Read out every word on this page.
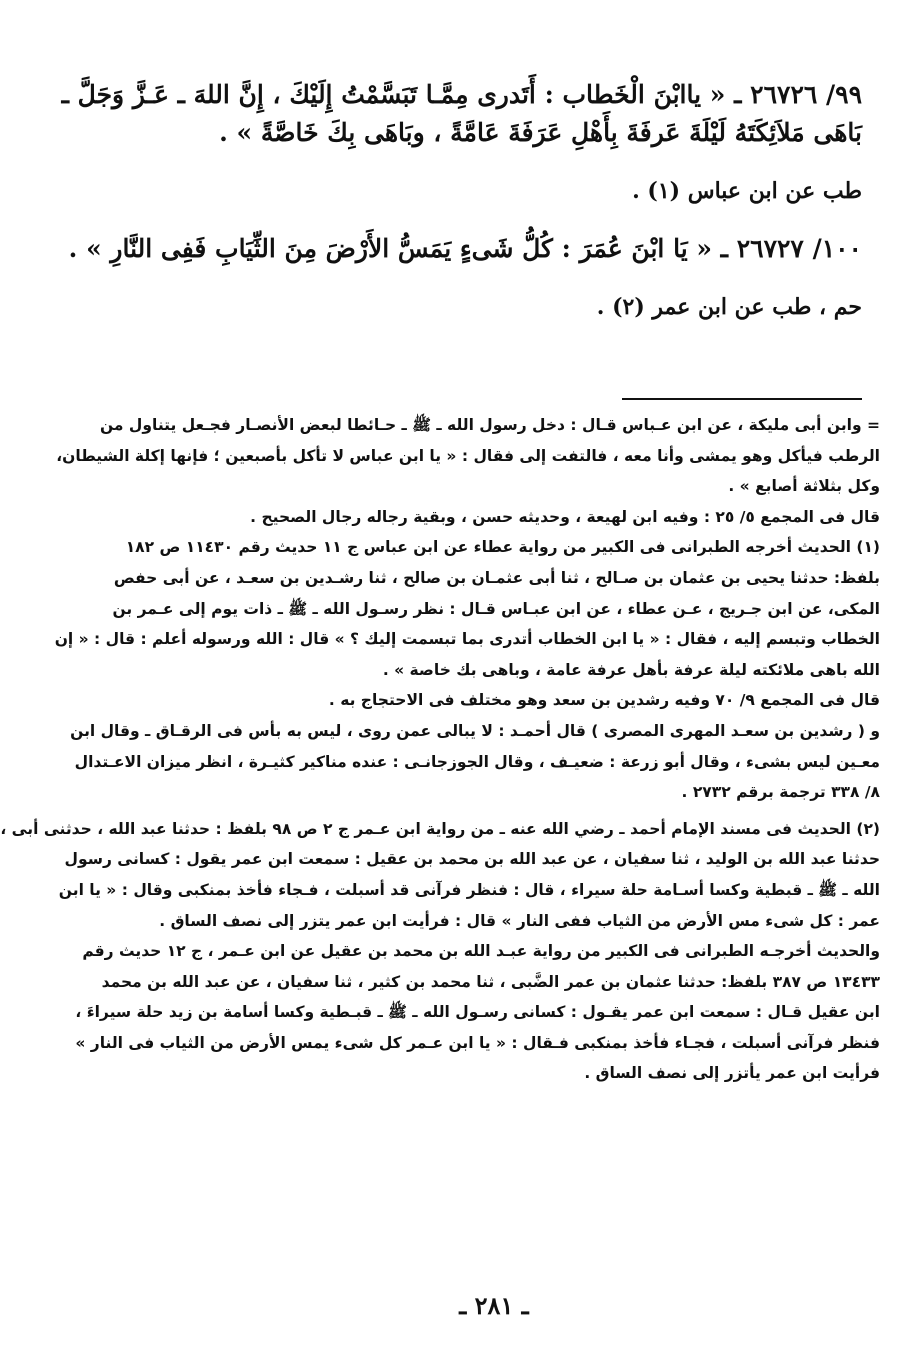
٩٩/ ٢٦٧٢٦ ـ « ياابْنَ الْخَطاب : أَتَدرى مِمَّـا تَبَسَّمْتُ إِلَيْكَ ، إِنَّ اللهَ ـ عَـزَّ وَجَلَّ ـ
بَاهَى مَلاَئِكَتَهُ لَيْلَةَ عَرفَةَ بِأَهْلِ عَرَفَةَ عَامَّةً ، وبَاهَى بِكَ خَاصَّةً » .
طب عن ابن عباس (١) .
١٠٠/ ٢٦٧٢٧ ـ « يَا ابْنَ عُمَرَ : كُلُّ شَىءٍ يَمَسُّ الأَرْضَ مِنَ الثِّيَابِ فَفِى النَّارِ » .
حم ، طب عن ابن عمر (٢) .
= وابن أبى مليكة ، عن ابن عـباس قـال : دخل رسول الله ـ ﷺ ـ حـائطا لبعض الأنصـار فجـعل يتناول من
الرطب فيأكل وهو يمشى وأنا معه ، فالتفت إلى فقال : « يا ابن عباس لا تأكل بأصبعين ؛ فإنها إكلة الشيطان،
وكل بثلاثة أصابع » .
قال فى المجمع ٥/ ٢٥ : وفيه ابن لهيعة ، وحديثه حسن ، وبقية رجاله رجال الصحيح .
(١) الحديث أخرجه الطبرانى فى الكبير من رواية عطاء عن ابن عباس ج ١١ حديث رقم ١١٤٣٠ ص ١٨٢
بلفظ: حدثنا يحيى بن عثمان بن صـالح ، ثنا أبى عثمـان بن صالح ، ثنا رشـدين بن سعـد ، عن أبى حفص
المكى، عن ابن جـريج ، عـن عطاء ، عن ابن عبـاس قـال : نظر رسـول الله ـ ﷺ ـ ذات يوم إلى عـمر بن
الخطاب وتبسم إليه ، فقال : « يا ابن الخطاب أتدرى بما تبسمت إليك ؟ » قال : الله ورسوله أعلم : قال : « إن
الله باهى ملائكته ليلة عرفة بأهل عرفة عامة ، وباهى بك خاصة » .
قال فى المجمع ٩/ ٧٠ وفيه رشدين بن سعد وهو مختلف فى الاحتجاج به .
و ( رشدين بن سعـد المهرى المصرى ) قال أحمـد : لا يبالى عمن روى ، ليس به بأس فى الرقـاق ـ وقال ابن
معـين ليس بشىء ، وقال أبو زرعة : ضعيـف ، وقال الجوزجانـى : عنده مناكير كثيـرة ، انظر ميزان الاعـتدال
٨/ ٣٣٨ ترجمة برقم ٢٧٣٢ .
(٢) الحديث فى مسند الإمام أحمد ـ رضي الله عنه ـ من رواية ابن عـمر ج ٢ ص ٩٨ بلفظ : حدثنا عبد الله ، حدثنى أبى ،
حدثنا عبد الله بن الوليد ، ثنا سفيان ، عن عبد الله بن محمد بن عقيل : سمعت ابن عمر يقول : كسانى رسول
الله ـ ﷺ ـ قبطية وكسا أسـامة حلة سيراء ، قال : فنظر فرآنى قد أسبلت ، فـجاء فأخذ بمنكبى وقال : « يا ابن
عمر : كل شىء مس الأرض من الثياب ففى النار » قال : فرأيت ابن عمر يتزر إلى نصف الساق .
والحديث أخرجـه الطبرانى فى الكبير من رواية عبـد الله بن محمد بن عقيل عن ابن عـمر ، ج ١٢ حديث رقم
١٣٤٣٣ ص ٣٨٧ بلفظ: حدثنا عثمان بن عمر الضَّبى ، ثنا محمد بن كثير ، ثنا سفيان ، عن عبد الله بن محمد
ابن عقيل قـال : سمعت ابن عمر يقـول : كسانى رسـول الله ـ ﷺ ـ قبـطية وكسا أسامة بن زيد حلة سيراءَ ،
فنظر فرآنى أسبلت ، فجـاء فأخذ بمنكبى فـقال : « يا ابن عـمر كل شىء يمس الأرض من الثياب فى النار »
فرأيت ابن عمر يأتزر إلى نصف الساق .
ـ ٢٨١ ـ
